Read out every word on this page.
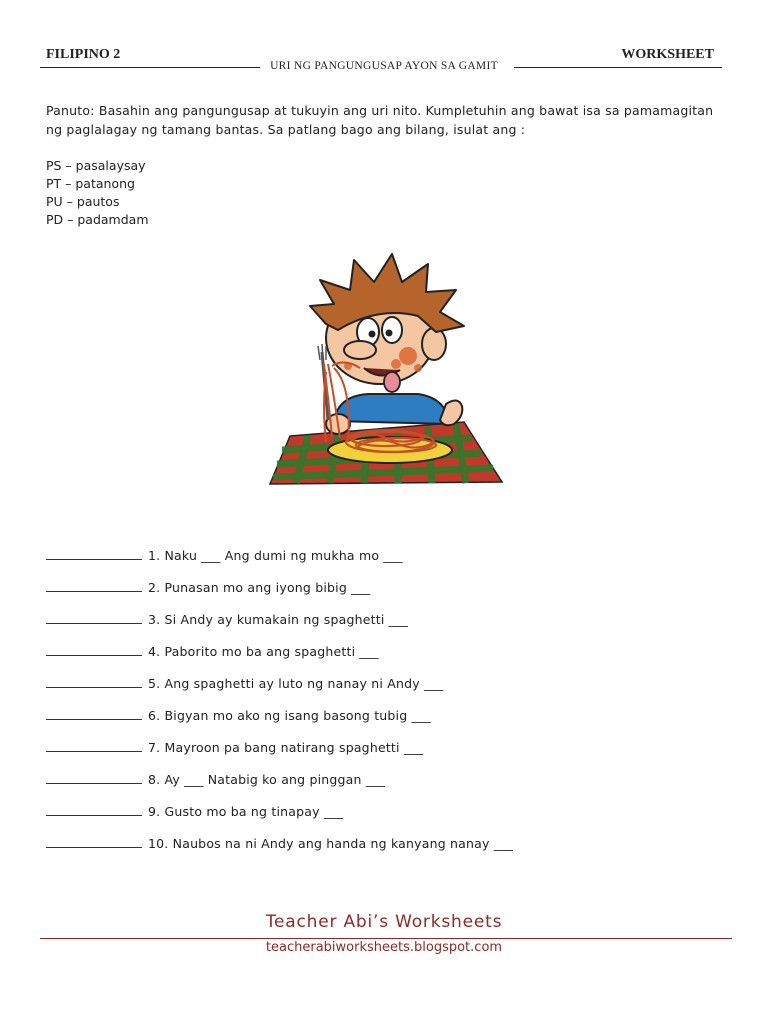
FILIPINO 2	WORKSHEET
URI NG PANGUNGUSAP AYON SA GAMIT
Panuto: Basahin ang pangungusap at tukuyin ang uri nito. Kumpletuhin ang bawat isa sa pamamagitan
ng paglalagay ng tamang bantas. Sa patlang bago ang bilang, isulat ang :
PS – pasalaysay
PT – patanong
PU – pautos
PD – padamdam
1. Naku ___ Ang dumi ng mukha mo ___
2. Punasan mo ang iyong bibig ___
3. Si Andy ay kumakain ng spaghetti ___
4. Paborito mo ba ang spaghetti ___
5. Ang spaghetti ay luto ng nanay ni Andy ___
6. Bigyan mo ako ng isang basong tubig ___
7. Mayroon pa bang natirang spaghetti ___
8. Ay ___ Natabig ko ang pinggan ___
9. Gusto mo ba ng tinapay ___
10. Naubos na ni Andy ang handa ng kanyang nanay ___
Teacher Abi’s Worksheets
teacherabiworksheets.blogspot.com
